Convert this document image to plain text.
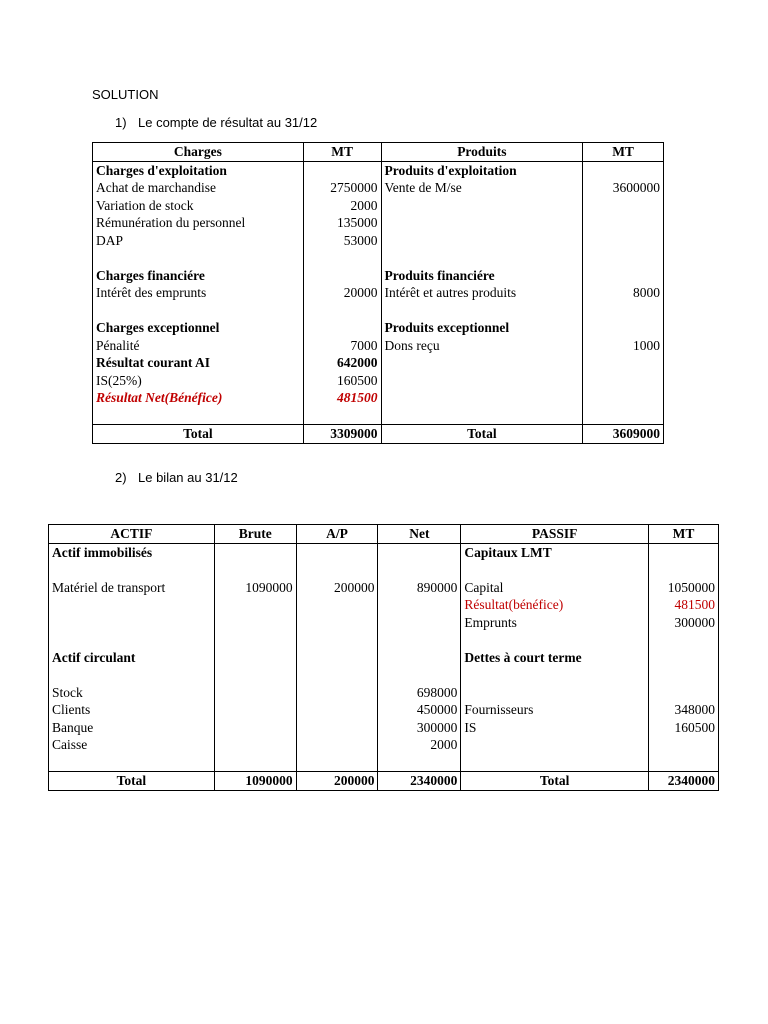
SOLUTION
1) Le compte de résultat au 31/12
Charges	MT	Produits	MT
Charges d'exploitation		Produits d'exploitation	
Achat de marchandise	2750000	Vente de M/se	3600000
Variation de stock	2000		
Rémunération du personnel	135000		
DAP	53000		

Charges financiére		Produits financiére	
Intérêt des emprunts	20000	Intérêt et autres produits	8000

Charges exceptionnel		Produits exceptionnel	
Pénalité	7000	Dons reçu	1000
Résultat courant AI	642000		
IS(25%)	160500		
Résultat Net(Bénéfice)	481500		

Total	3309000	Total	3609000
2) Le bilan au 31/12
ACTIF	Brute	A/P	Net	PASSIF	MT
Actif immobilisés				Capitaux LMT	

Matériel de transport	1090000	200000	890000	Capital	1050000
				Résultat(bénéfice)	481500
				Emprunts	300000

Actif circulant				Dettes à court terme	

Stock			698000		
Clients			450000	Fournisseurs	348000
Banque			300000	IS	160500
Caisse			2000		

Total	1090000	200000	2340000	Total	2340000
